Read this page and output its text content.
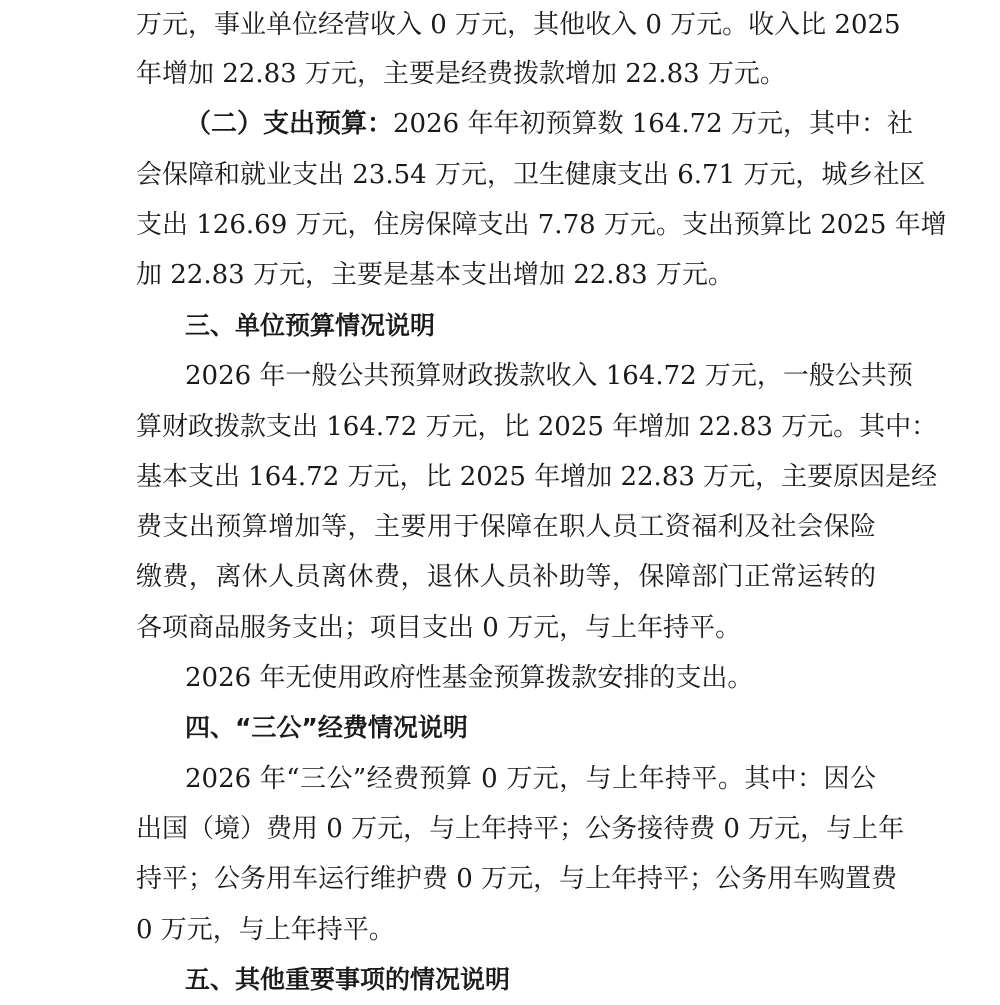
万元，事业单位经营收入 0 万元，其他收入 0 万元。收入比 2025
年增加 22.83 万元，主要是经费拨款增加 22.83 万元。
（二）支出预算：2026 年年初预算数 164.72 万元，其中：社
会保障和就业支出 23.54 万元，卫生健康支出 6.71 万元，城乡社区
支出 126.69 万元，住房保障支出 7.78 万元。支出预算比 2025 年增
加 22.83 万元，主要是基本支出增加 22.83 万元。
三、单位预算情况说明
2026 年一般公共预算财政拨款收入 164.72 万元，一般公共预
算财政拨款支出 164.72 万元，比 2025 年增加 22.83 万元。其中：
基本支出 164.72 万元，比 2025 年增加 22.83 万元，主要原因是经
费支出预算增加等，主要用于保障在职人员工资福利及社会保险
缴费，离休人员离休费，退休人员补助等，保障部门正常运转的
各项商品服务支出；项目支出 0 万元，与上年持平。
2026 年无使用政府性基金预算拨款安排的支出。
四、“三公”经费情况说明
2026 年“三公”经费预算 0 万元，与上年持平。其中：因公
出国（境）费用 0 万元，与上年持平；公务接待费 0 万元，与上年
持平；公务用车运行维护费 0 万元，与上年持平；公务用车购置费
0 万元，与上年持平。
五、其他重要事项的情况说明
